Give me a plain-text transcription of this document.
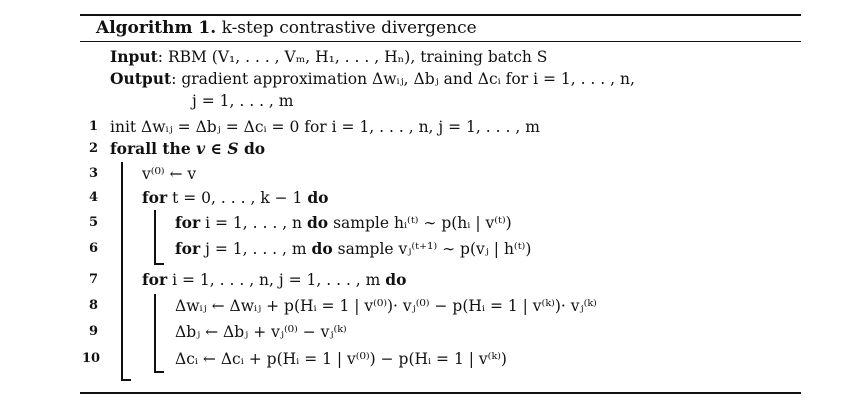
Algorithm 1. k-step contrastive divergence
Input: RBM (V₁, . . . , Vₘ, H₁, . . . , Hₙ), training batch S
Output: gradient approximation Δwᵢⱼ, Δbⱼ and Δcᵢ for i = 1, . . . , n,
j = 1, . . . , m
1 init Δwᵢⱼ = Δbⱼ = Δcᵢ = 0 for i = 1, . . . , n, j = 1, . . . , m
2 forall the v ∈ S do
3	v⁽⁰⁾ ← v
4	for t = 0, . . . , k − 1 do
5	for i = 1, . . . , n do sample hᵢ⁽ᵗ⁾ ∼ p(hᵢ | v⁽ᵗ⁾)
6	for j = 1, . . . , m do sample vⱼ⁽ᵗ⁺¹⁾ ∼ p(vⱼ | h⁽ᵗ⁾)
7	for i = 1, . . . , n, j = 1, . . . , m do
8	Δwᵢⱼ ← Δwᵢⱼ + p(Hᵢ = 1 | v⁽⁰⁾)· vⱼ⁽⁰⁾ − p(Hᵢ = 1 | v⁽ᵏ⁾)· vⱼ⁽ᵏ⁾
9	Δbⱼ ← Δbⱼ + vⱼ⁽⁰⁾ − vⱼ⁽ᵏ⁾
10	Δcᵢ ← Δcᵢ + p(Hᵢ = 1 | v⁽⁰⁾) − p(Hᵢ = 1 | v⁽ᵏ⁾)
